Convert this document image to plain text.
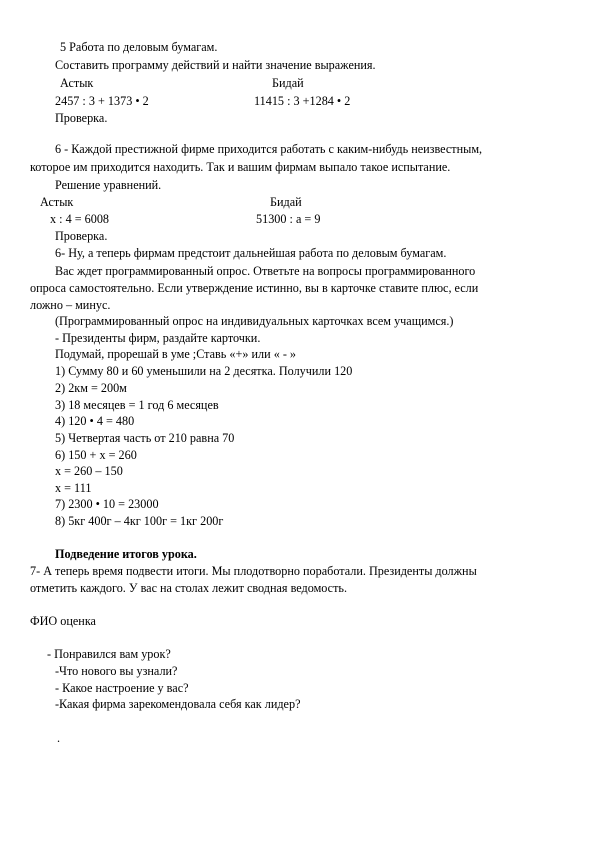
5 Работа по деловым бумагам.
Составить программу действий и найти значение выражения.
Астык	Бидай
2457 : 3 + 1373 • 2	11415 : 3 +1284 • 2
Проверка.
6 - Каждой престижной фирме приходится работать с каким-нибудь неизвестным,
которое им приходится находить. Так и вашим фирмам выпало такое испытание.
Решение уравнений.
Астык	Бидай
x : 4 = 6008	51300 : a = 9
Проверка.
6- Ну, а теперь фирмам предстоит дальнейшая работа по деловым бумагам.
Вас ждет программированный опрос. Ответьте на вопросы программированного
опроса самостоятельно. Если утверждение истинно, вы в карточке ставите плюс, если
ложно – минус.
(Программированный опрос на индивидуальных карточках всем учащимся.)
- Президенты фирм, раздайте карточки.
Подумай, прорешай в уме ;Ставь «+» или « - »
1) Сумму 80 и 60 уменьшили на 2 десятка. Получили 120
2) 2км = 200м
3) 18 месяцев = 1 год 6 месяцев
4) 120 • 4 = 480
5) Четвертая часть от 210 равна 70
6) 150 + x = 260
x = 260 – 150
x = 111
7) 2300 • 10 = 23000
8) 5кг 400г – 4кг 100г = 1кг 200г
Подведение итогов урока.
7- А теперь время подвести итоги. Мы плодотворно поработали. Президенты должны
отметить каждого. У вас на столах лежит сводная ведомость.
ФИО оценка
- Понравился вам урок?
-Что нового вы узнали?
- Какое настроение у вас?
-Какая фирма зарекомендовала себя как лидер?
.
